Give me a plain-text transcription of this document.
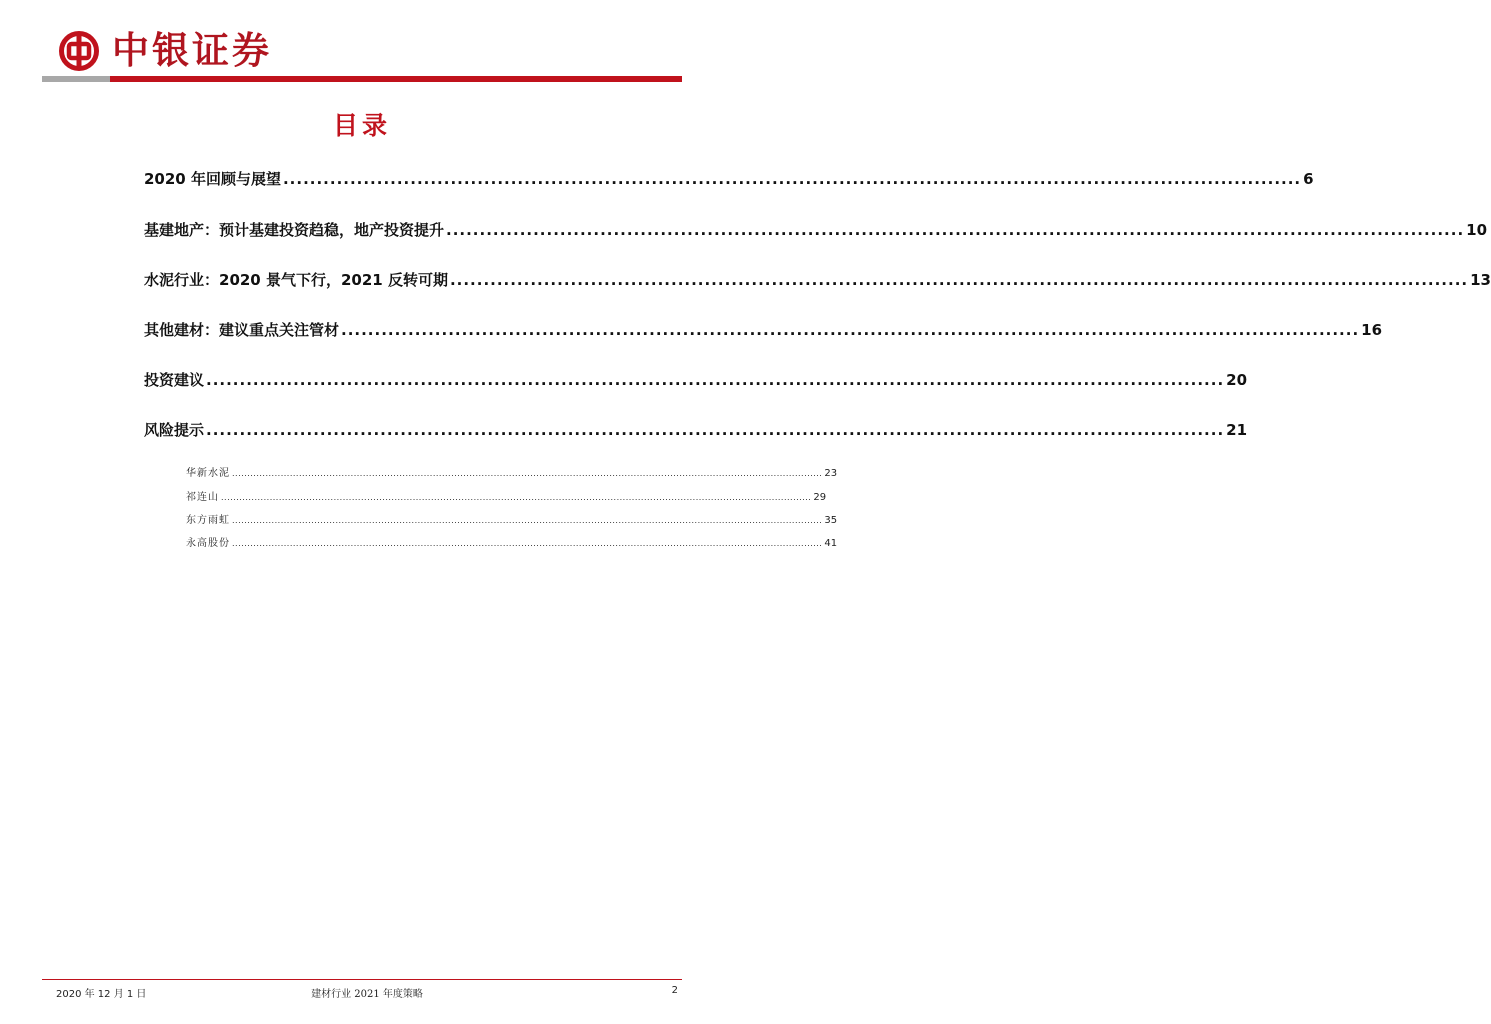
中银证券
目录
2020 年回顾与展望 ........................................................................................................................................................ 6
基建地产：预计基建投资趋稳，地产投资提升 ........................................................................................................................................................ 10
水泥行业：2020 景气下行，2021 反转可期 ........................................................................................................................................................ 13
其他建材：建议重点关注管材 ........................................................................................................................................................ 16
投资建议 ........................................................................................................................................................ 20
风险提示 ........................................................................................................................................................ 21
华新水泥 .................................................................................................................................................................................................. 23
祁连山 .................................................................................................................................................................................................. 29
东方雨虹 .................................................................................................................................................................................................. 35
永高股份 .................................................................................................................................................................................................. 41
2020 年 12 月 1 日	建材行业 2021 年度策略	2
